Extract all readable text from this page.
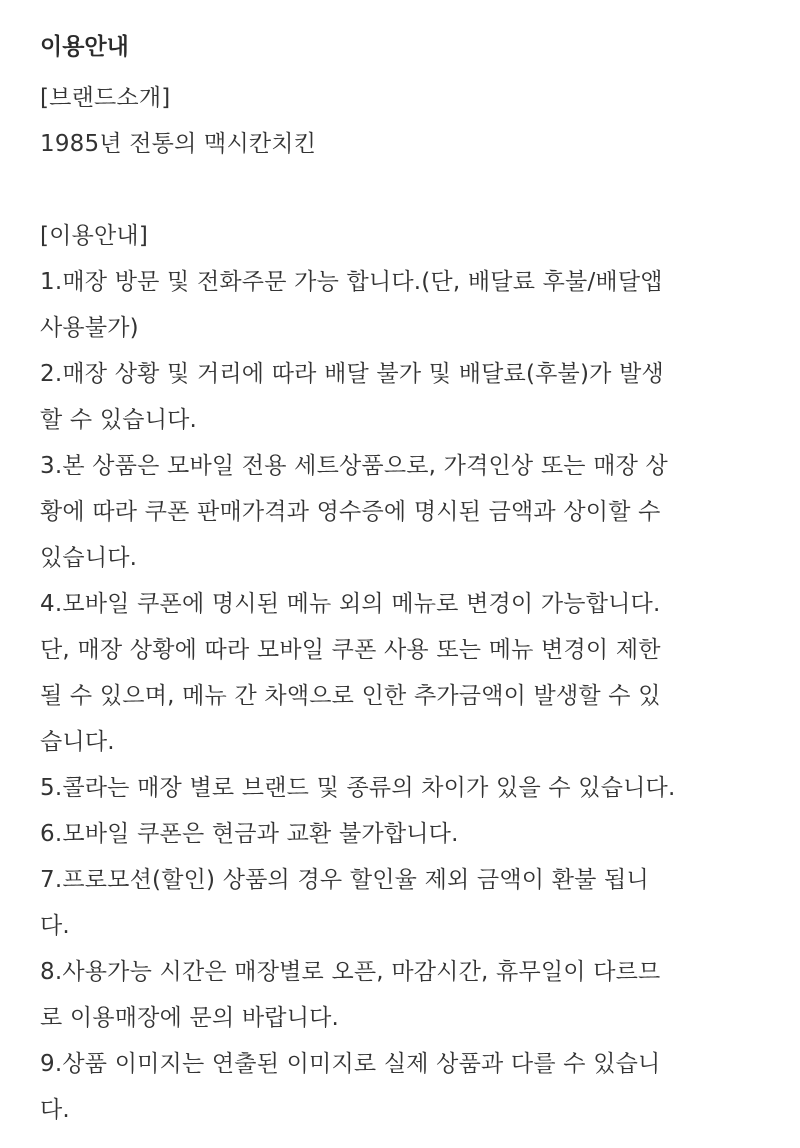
이용안내
[브랜드소개]
1985년 전통의 맥시칸치킨
[이용안내]
1.매장 방문 및 전화주문 가능 합니다.(단, 배달료 후불/배달앱
사용불가)
2.매장 상황 및 거리에 따라 배달 불가 및 배달료(후불)가 발생
할 수 있습니다.
3.본 상품은 모바일 전용 세트상품으로, 가격인상 또는 매장 상
황에 따라 쿠폰 판매가격과 영수증에 명시된 금액과 상이할 수
있습니다.
4.모바일 쿠폰에 명시된 메뉴 외의 메뉴로 변경이 가능합니다.
단, 매장 상황에 따라 모바일 쿠폰 사용 또는 메뉴 변경이 제한
될 수 있으며, 메뉴 간 차액으로 인한 추가금액이 발생할 수 있
습니다.
5.콜라는 매장 별로 브랜드 및 종류의 차이가 있을 수 있습니다.
6.모바일 쿠폰은 현금과 교환 불가합니다.
7.프로모션(할인) 상품의 경우 할인율 제외 금액이 환불 됩니
다.
8.사용가능 시간은 매장별로 오픈, 마감시간, 휴무일이 다르므
로 이용매장에 문의 바랍니다.
9.상품 이미지는 연출된 이미지로 실제 상품과 다를 수 있습니
다.
